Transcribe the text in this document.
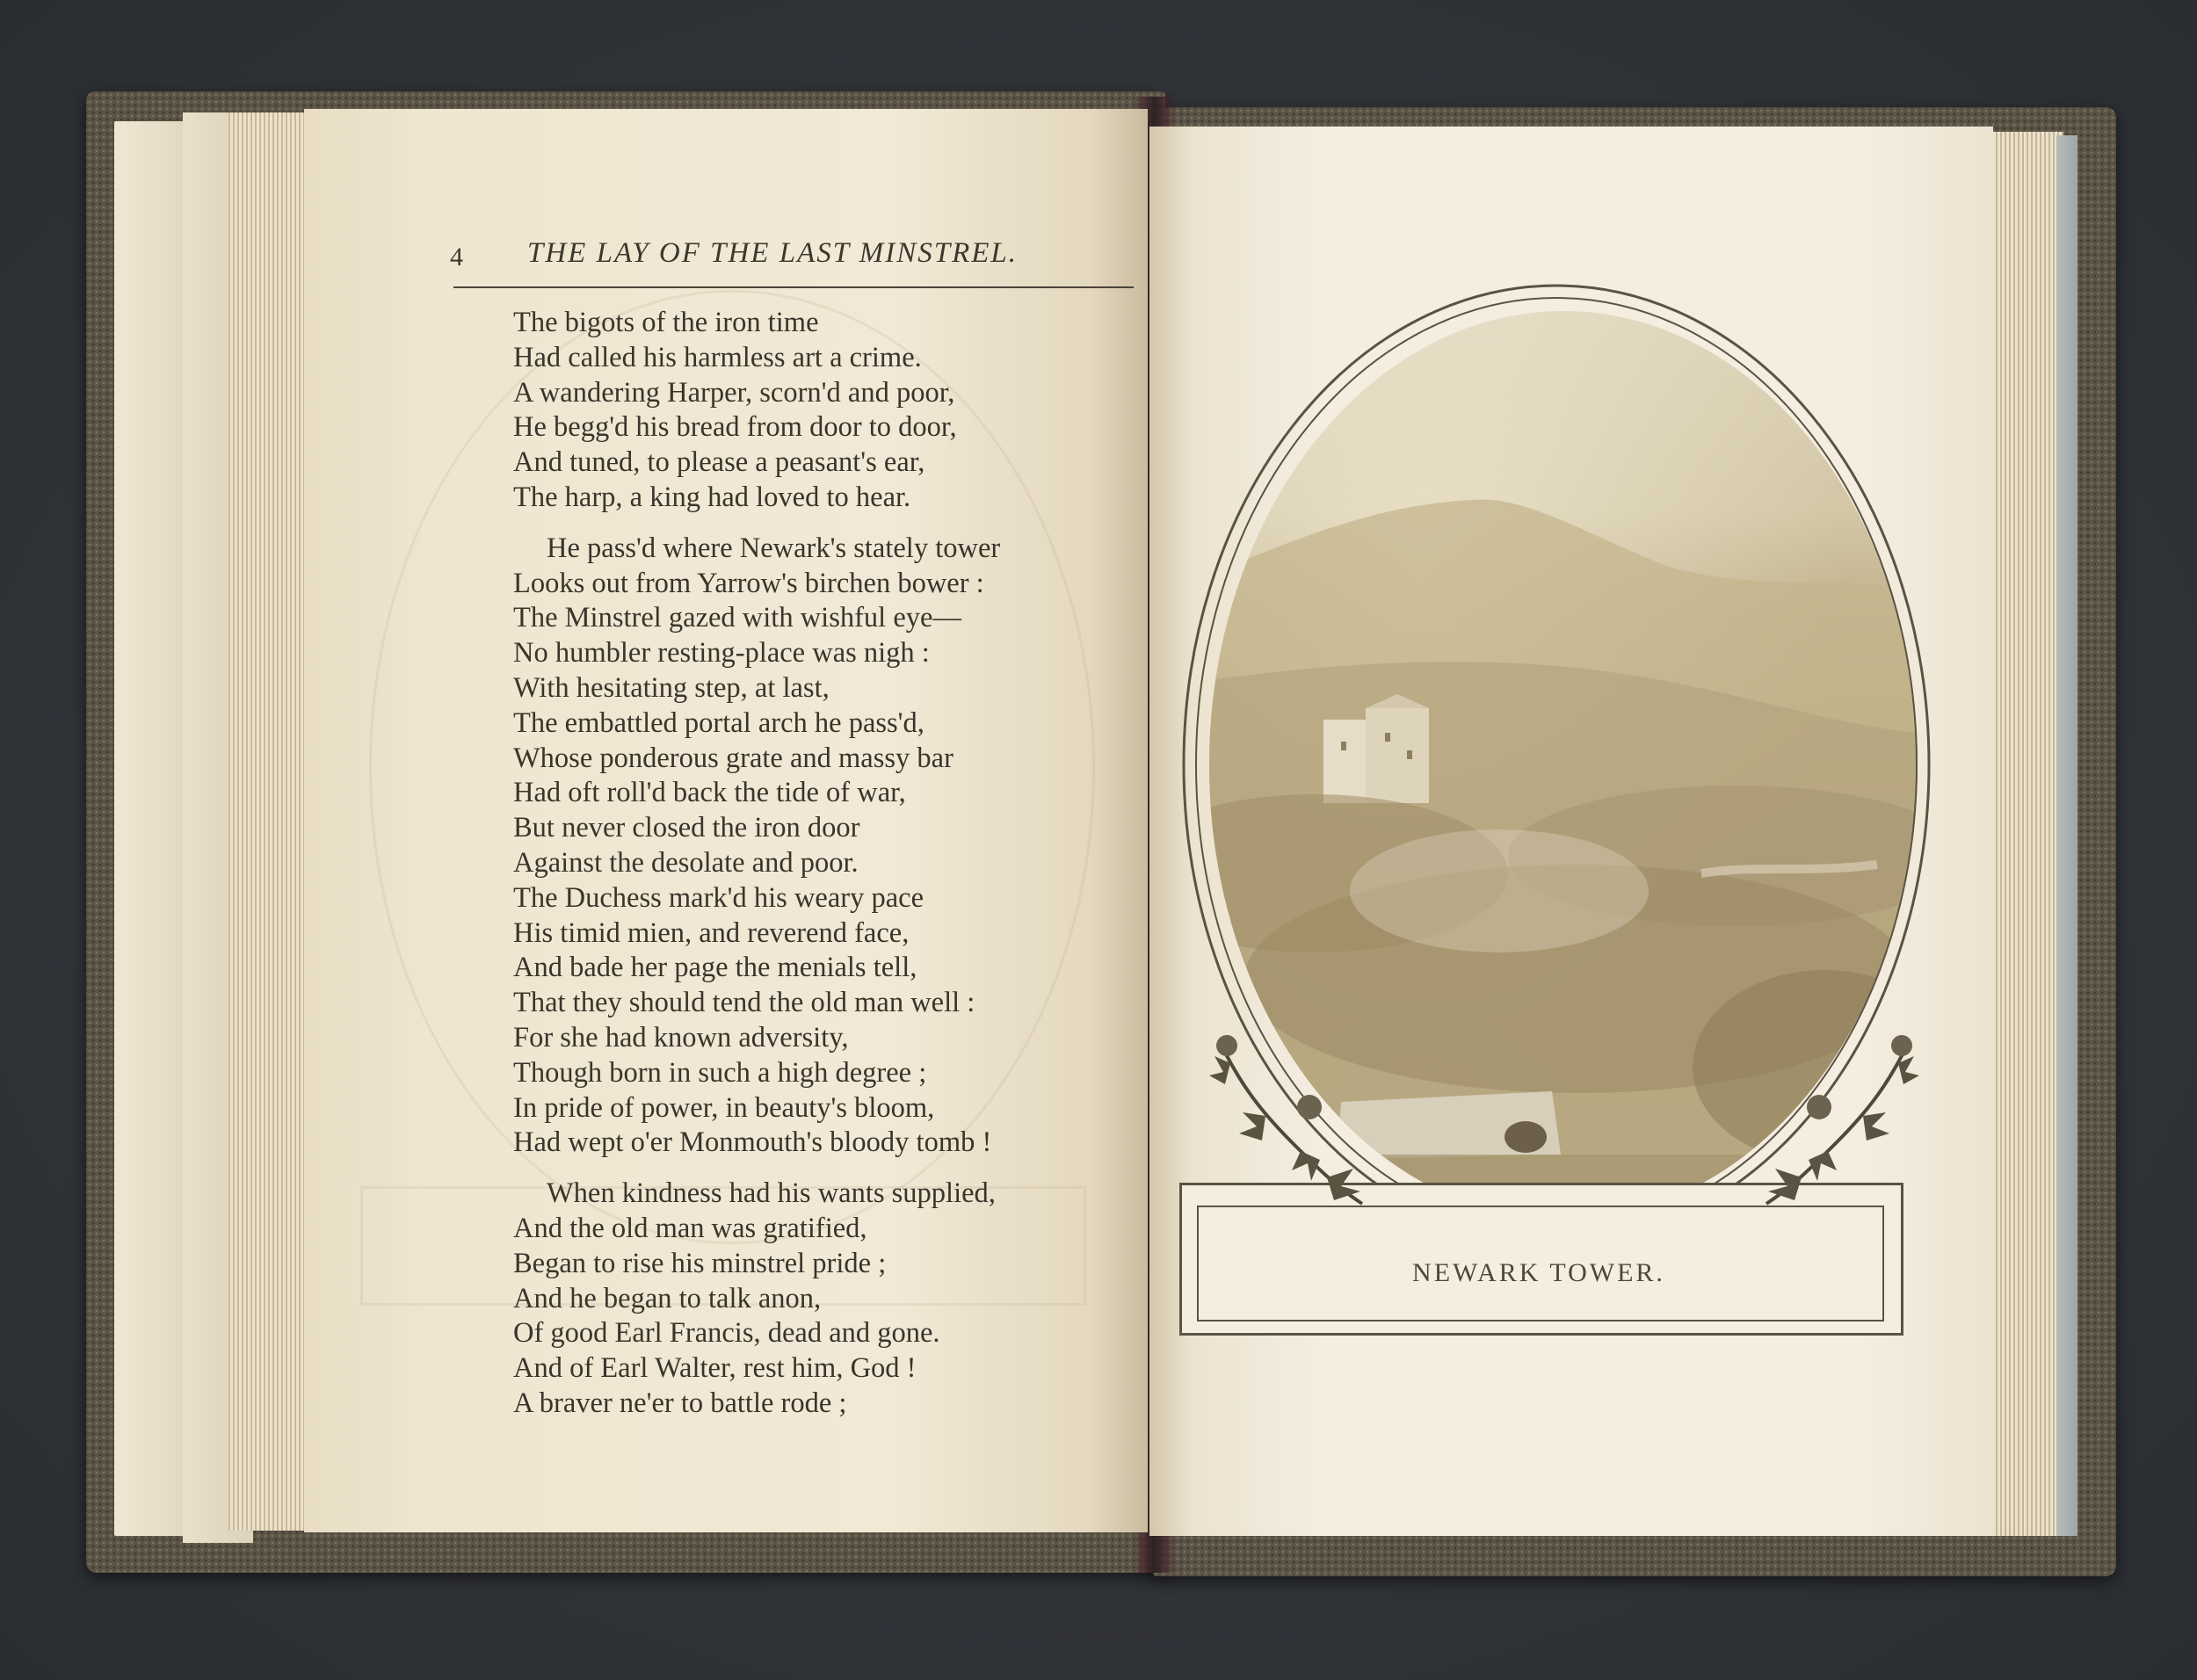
4 THE LAY OF THE LAST MINSTREL.
The bigots of the iron time
Had called his harmless art a crime.
A wandering Harper, scorn'd and poor,
He begg'd his bread from door to door,
And tuned, to please a peasant's ear,
The harp, a king had loved to hear.
He pass'd where Newark's stately tower
Looks out from Yarrow's birchen bower :
The Minstrel gazed with wishful eye—
No humbler resting-place was nigh :
With hesitating step, at last,
The embattled portal arch he pass'd,
Whose ponderous grate and massy bar
Had oft roll'd back the tide of war,
But never closed the iron door
Against the desolate and poor.
The Duchess mark'd his weary pace
His timid mien, and reverend face,
And bade her page the menials tell,
That they should tend the old man well :
For she had known adversity,
Though born in such a high degree ;
In pride of power, in beauty's bloom,
Had wept o'er Monmouth's bloody tomb !
When kindness had his wants supplied,
And the old man was gratified,
Began to rise his minstrel pride ;
And he began to talk anon,
Of good Earl Francis, dead and gone.
And of Earl Walter, rest him, God !
A braver ne'er to battle rode ;
NEWARK TOWER.
